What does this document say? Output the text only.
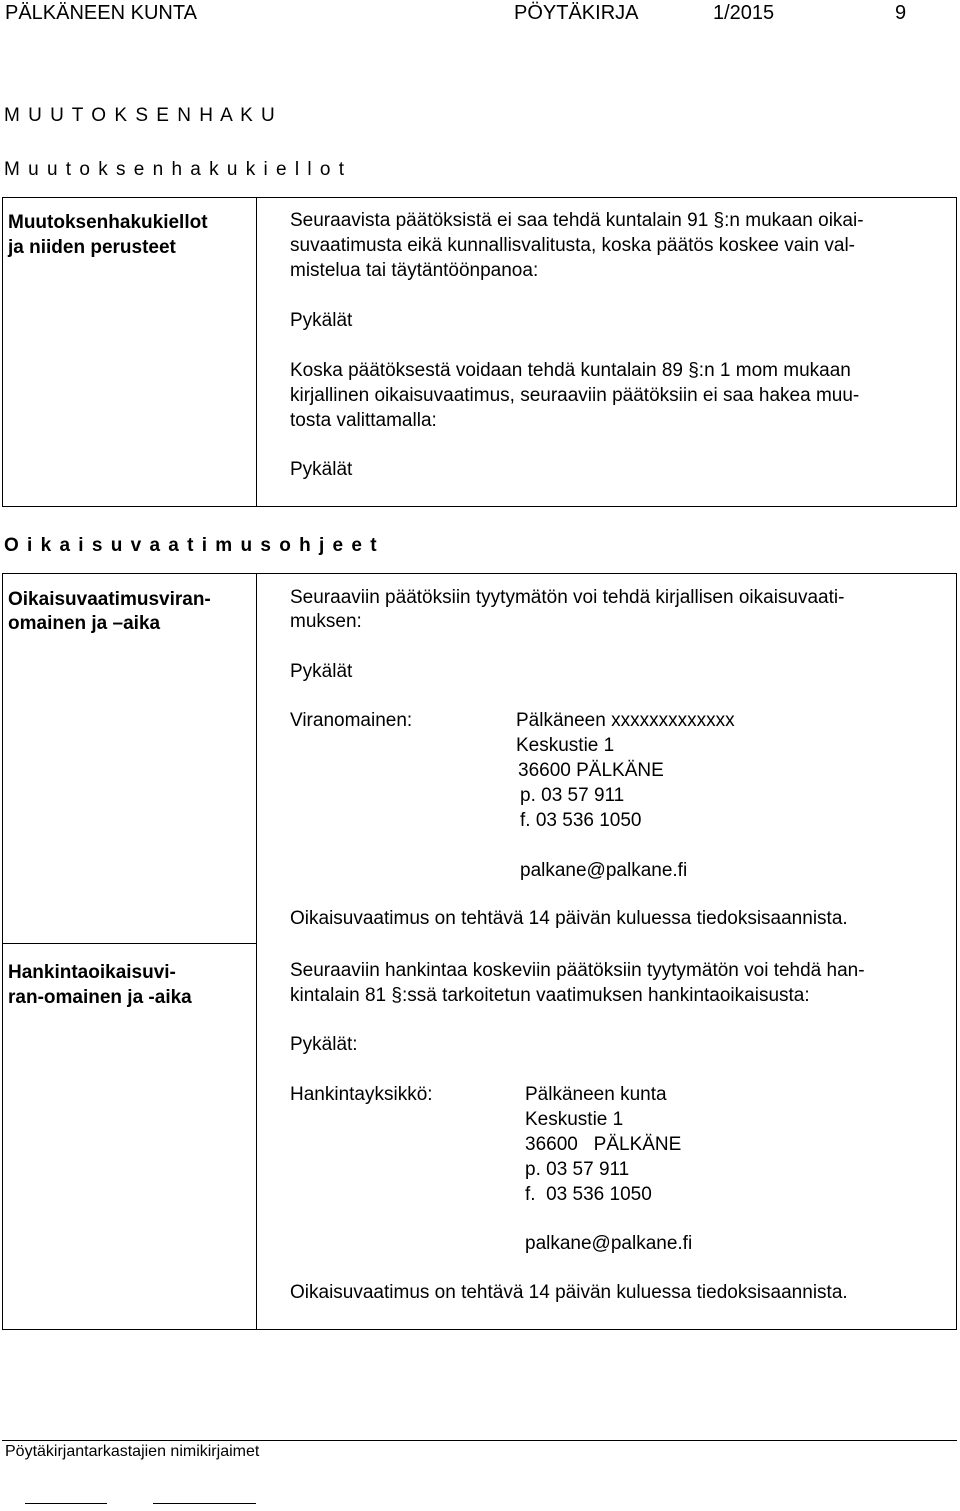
PÄLKÄNEEN KUNTA	PÖYTÄKIRJA	1/2015	9
M U U T O K S E N H A K U
M u u t o k s e n h a k u k i e l l o t
Muutoksenhakukiellot
ja niiden perusteet
Seuraavista päätöksistä ei saa tehdä kuntalain 91 §:n mukaan oikai-
suvaatimusta eikä kunnallisvalitusta, koska päätös koskee vain val-
mistelua tai täytäntöönpanoa:
Pykälät
Koska päätöksestä voidaan tehdä kuntalain 89 §:n 1 mom mukaan
kirjallinen oikaisuvaatimus, seuraaviin päätöksiin ei saa hakea muu-
tosta valittamalla:
Pykälät
O i k a i s u v a a t i m u s o h j e e t
Oikaisuvaatimusviran-
omainen ja –aika
Seuraaviin päätöksiin tyytymätön voi tehdä kirjallisen oikaisuvaati-
muksen:
Pykälät
Viranomainen:	Pälkäneen xxxxxxxxxxxxx
Keskustie 1
36600 PÄLKÄNE
p. 03 57 911
f. 03 536 1050
palkane@palkane.fi
Oikaisuvaatimus on tehtävä 14 päivän kuluessa tiedoksisaannista.
Hankintaoikaisuvi-
ran-omainen ja -aika
Seuraaviin hankintaa koskeviin päätöksiin tyytymätön voi tehdä han-
kintalain 81 §:ssä tarkoitetun vaatimuksen hankintaoikaisusta:
Pykälät:
Hankintayksikkö:	Pälkäneen kunta
Keskustie 1
36600   PÄLKÄNE
p. 03 57 911
f.  03 536 1050
palkane@palkane.fi
Oikaisuvaatimus on tehtävä 14 päivän kuluessa tiedoksisaannista.
Pöytäkirjantarkastajien nimikirjaimet
